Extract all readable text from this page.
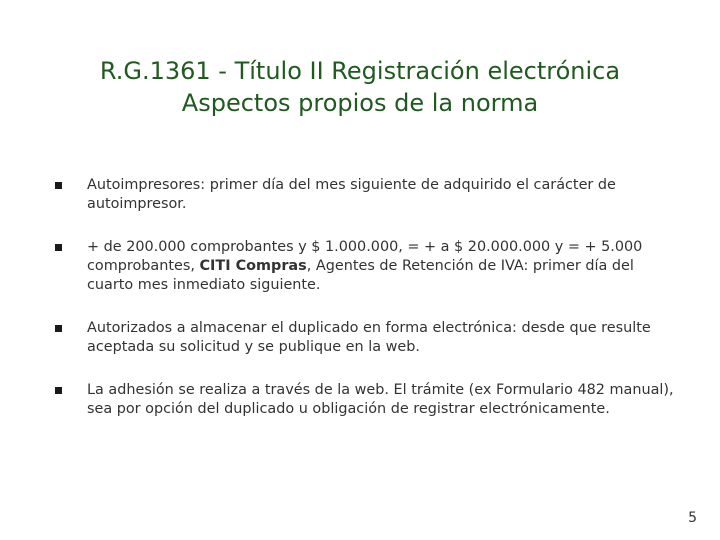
R.G.1361 - Título II Registración electrónica
Aspectos propios de la norma
Autoimpresores: primer día del mes siguiente de adquirido el carácter de autoimpresor.
+ de 200.000 comprobantes y $ 1.000.000, = + a $ 20.000.000 y = + 5.000 comprobantes, CITI Compras, Agentes de Retención de IVA: primer día del cuarto mes inmediato siguiente.
Autorizados a almacenar el duplicado en forma electrónica: desde que resulte aceptada su solicitud y se publique en la web.
La adhesión se realiza a través de la web. El trámite (ex Formulario 482 manual), sea por opción del duplicado u obligación de registrar electrónicamente.
5
